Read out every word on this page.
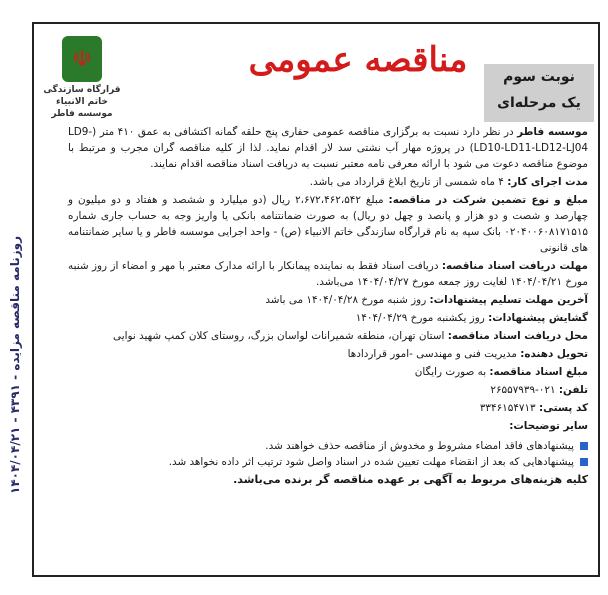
روزنامه مناقصه مزایده - ۴۳۹۱ - ۱۴۰۴/۰۴/۲۱
نوبت سوم
یک مرحله‌ای
مناقصه عمومی
☫
قرارگاه سازندگی خاتم الانبیاء
موسسه فاطر

موسسه فاطر در نظر دارد نسبت به برگزاری مناقصه عمومی حفاری پنج حلقه گمانه اکتشافی به عمق ۴۱۰ متر (LD9-LD10-LD11-LD12-LJ04) در پروژه مهار آب نشتی سد لار اقدام نماید. لذا از کلیه مناقصه گران مجرب و مرتبط با موضوع مناقصه دعوت می شود با ارائه معرفی نامه معتبر نسبت به دریافت اسناد مناقصه اقدام نمایند.

مدت اجرای کار: ۴ ماه شمسی از تاریخ ابلاغ قرارداد می باشد.

مبلغ و نوع تضمین شرکت در مناقصه: مبلغ ۲،۶۷۲،۴۶۲،۵۴۲ ریال (دو میلیارد و ششصد و هفتاد و دو میلیون و چهارصد و شصت و دو هزار و پانصد و چهل دو ریال) به صورت ضمانتنامه بانکی یا واریز وجه به حساب جاری شماره ۰۲۰۴۰۰۶۰۸۱۷۱۵۱۵ بانک سپه به نام قرارگاه سازندگی خاتم الانبیاء (ص) - واحد اجرایی موسسه فاطر و یا سایر ضمانتنامه های قانونی

مهلت دریافت اسناد مناقصه: دریافت اسناد فقط به نماینده پیمانکار با ارائه مدارک معتبر با مهر و امضاء از روز شنبه مورخ ۱۴۰۴/۰۴/۲۱ لغایت روز جمعه مورخ ۱۴۰۴/۰۴/۲۷ می‌باشد.

آخرین مهلت تسلیم پیشنهادات: روز شنبه مورخ ۱۴۰۴/۰۴/۲۸ می باشد

گشایش پیشنهادات: روز یکشنبه مورخ ۱۴۰۴/۰۴/۲۹

محل دریافت اسناد مناقصه: استان تهران، منطقه شمیرانات لواسان بزرگ، روستای کلان کمپ شهید نوایی

تحویل دهنده: مدیریت فنی و مهندسی -امور قراردادها

مبلغ اسناد مناقصه: به صورت رایگان

تلفن: ۰۲۱-۲۶۵۵۷۹۳۹

کد پستی: ۳۳۴۶۱۵۴۷۱۳

سایر توضیحات:

پیشنهادهای فاقد امضاء مشروط و مخدوش از مناقصه حذف خواهند شد.
پیشنهادهایی که بعد از انقضاء مهلت تعیین شده در اسناد واصل شود ترتیب اثر داده نخواهد شد.
کلیه هزینه‌های مربوط به آگهی بر عهده مناقصه گر برنده می‌باشد.
